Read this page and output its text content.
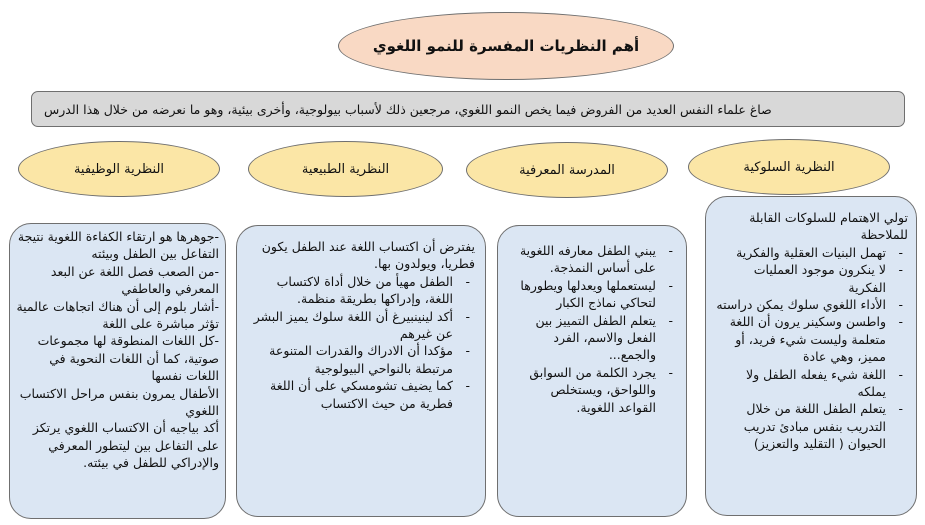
أهم النظريات المفسرة للنمو اللغوي
صاغ علماء النفس العديد من الفروض فيما يخص النمو اللغوي، مرجعين ذلك لأسباب بيولوجية، وأخرى بيئية، وهو ما نعرضه من خلال هذا الدرس
النظرية السلوكية
المدرسة المعرفية
النظرية الطبيعية
النظرية الوظيفية

تولي الاهتمام للسلوكات القابلة للملاحظة

- تهمل البنيات العقلية والفكرية
- لا ينكرون موجود العمليات الفكرية
- الأداء اللغوي سلوك يمكن دراسته
- واطسن وسكينر يرون أن اللغة متعلمة وليست شيء فريد، أو مميز، وهي عادة
- اللغة شيء يفعله الطفل ولا يملكه
- يتعلم الطفل اللغة من خلال التدريب بنفس مبادئ تدريب الحيوان ( التقليد والتعزيز)
- يبني الطفل معارفه اللغوية على أساس النمذجة.
- ليستعملها ويعدلها ويطورها لتحاكي نماذج الكبار
- يتعلم الطفل التمييز بين الفعل والاسم، الفرد والجمع...
- يجرد الكلمة من السوابق واللواحق، ويستخلص القواعد اللغوية.

يفترض أن اكتساب اللغة عند الطفل يكون فطريا، ويولدون بها.

- الطفل مهيأ من خلال أداة لاكتساب اللغة، وإدراكها بطريقة منظمة.
- أكد لينينبيرغ أن اللغة سلوك يميز البشر عن غيرهم
- مؤكدا أن الادراك والقدرات المتنوعة مرتبطة بالنواحي البيولوجية
- كما يضيف تشومسكي على أن اللغة فطرية من حيث الاكتساب

-جوهرها هو ارتقاء الكفاءة اللغوية نتيجة التفاعل بين الطفل وبيئته

-من الصعب فصل اللغة عن البعد المعرفي والعاطفي

-أشار بلوم إلى أن هناك اتجاهات عالمية تؤثر مباشرة على اللغة

-كل اللغات المنطوقة لها مجموعات صوتية، كما أن اللغات النحوية في اللغات نفسها

الأطفال يمرون بنفس مراحل الاكتساب اللغوي

أكد بياجيه أن الاكتساب اللغوي يرتكز على التفاعل بين ليتطور المعرفي والإدراكي للطفل في بيئته.
